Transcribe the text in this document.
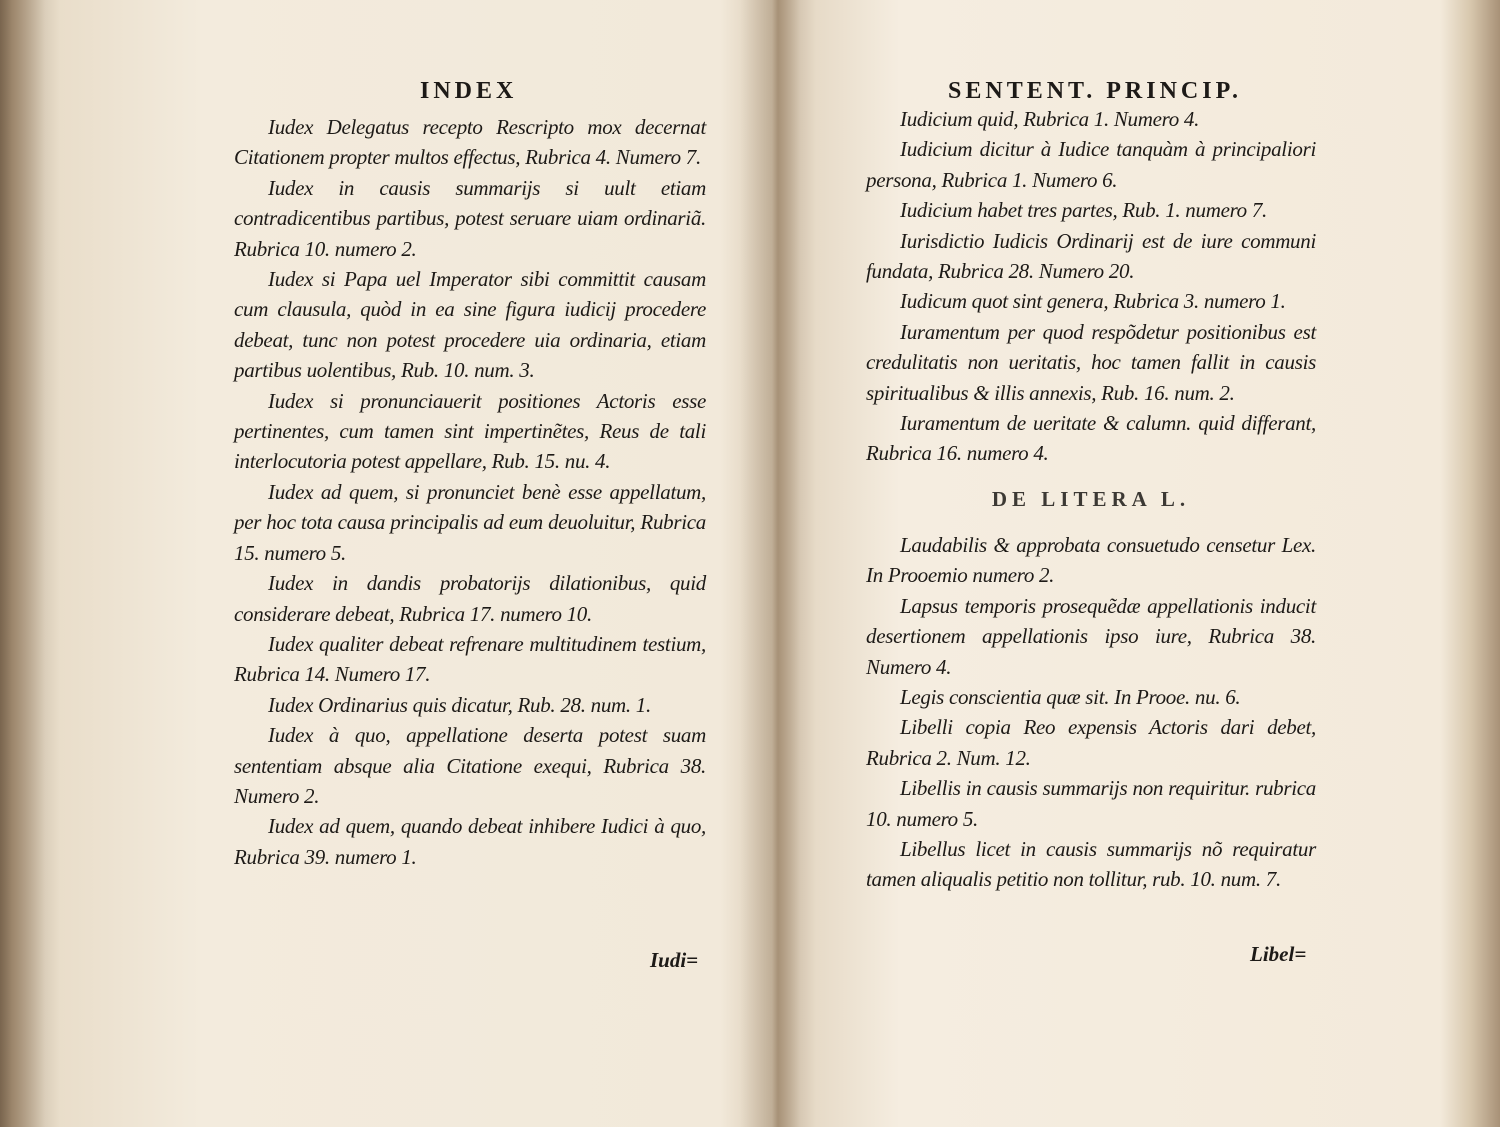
INDEX

Iudex Delegatus recepto Rescripto mox decernat Citationem propter multos effectus, Rubrica 4. Numero 7.

Iudex in causis summarijs si uult etiam contradicentibus partibus, potest seruare uiam ordinariã. Rubrica 10. numero 2.

Iudex si Papa uel Imperator sibi committit causam cum clausula, quòd in ea sine figura iudicij procedere debeat, tunc non potest procedere uia ordinaria, etiam partibus uolentibus, Rub. 10. num. 3.

Iudex si pronunciauerit positiones Actoris esse pertinentes, cum tamen sint impertinẽtes, Reus de tali interlocutoria potest appellare, Rub. 15. nu. 4.

Iudex ad quem, si pronunciet benè esse appellatum, per hoc tota causa principalis ad eum deuoluitur, Rubrica 15. numero 5.

Iudex in dandis probatorijs dilationibus, quid considerare debeat, Rubrica 17. numero 10.

Iudex qualiter debeat refrenare multitudinem testium, Rubrica 14. Numero 17.

Iudex Ordinarius quis dicatur, Rub. 28. num. 1.

Iudex à quo, appellatione deserta potest suam sententiam absque alia Citatione exequi, Rubrica 38. Numero 2.

Iudex ad quem, quando debeat inhibere Iudici à quo, Rubrica 39. numero 1.

Iudi=
SENTENT. PRINCIP.

Iudicium quid, Rubrica 1. Numero 4.

Iudicium dicitur à Iudice tanquàm à principaliori persona, Rubrica 1. Numero 6.

Iudicium habet tres partes, Rub. 1. numero 7.

Iurisdictio Iudicis Ordinarij est de iure communi fundata, Rubrica 28. Numero 20.

Iudicum quot sint genera, Rubrica 3. numero 1.

Iuramentum per quod respõdetur positionibus est credulitatis non ueritatis, hoc tamen fallit in causis spiritualibus & illis annexis, Rub. 16. num. 2.

Iuramentum de ueritate & calumn. quid differant, Rubrica 16. numero 4.

DE LITERA L.

Laudabilis & approbata consuetudo censetur Lex. In Prooemio numero 2.

Lapsus temporis prosequẽdæ appellationis inducit desertionem appellationis ipso iure, Rubrica 38. Numero 4.

Legis conscientia quæ sit. In Prooe. nu. 6.

Libelli copia Reo expensis Actoris dari debet, Rubrica 2. Num. 12.

Libellis in causis summarijs non requiritur. rubrica 10. numero 5.

Libellus licet in causis summarijs nõ requiratur tamen aliqualis petitio non tollitur, rub. 10. num. 7.

Libel=
